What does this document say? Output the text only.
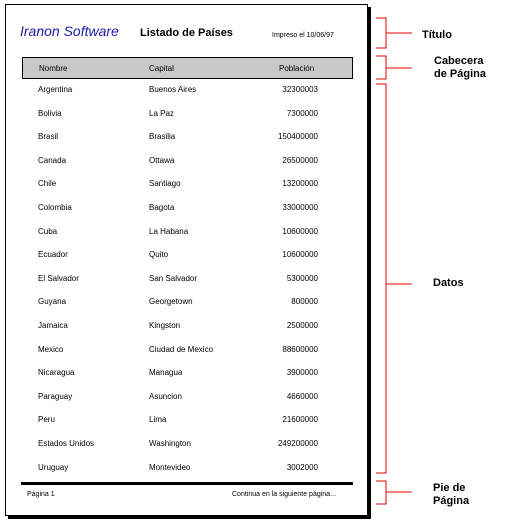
Iranon Software Listado de Países	Impreso el 10/06/97
Nombre	Capital	Población
Argentina	Buenos Aires	32300003
Bolivia	La Paz	7300000
Brasil	Brasilia	150400000
Canada	Ottawa	26500000
Chile	Santiago	13200000
Colombia	Bagota	33000000
Cuba	La Habana	10600000
Ecuador	Quito	10600000
El Salvador	San Salvador	5300000
Guyana	Georgetown	800000
Jamaica	Kingston	2500000
Mexico	Ciudad de Mexico	88600000
Nicaragua	Managua	3900000
Paraguay	Asuncion	4660000
Peru	Lima	21600000
Estados Unidos	Washington	249200000
Uruguay	Montevideo	3002000
Página 1	Continua en la siguiente página...
Título
Cabecera
de Página
Datos
Pie de
Página
